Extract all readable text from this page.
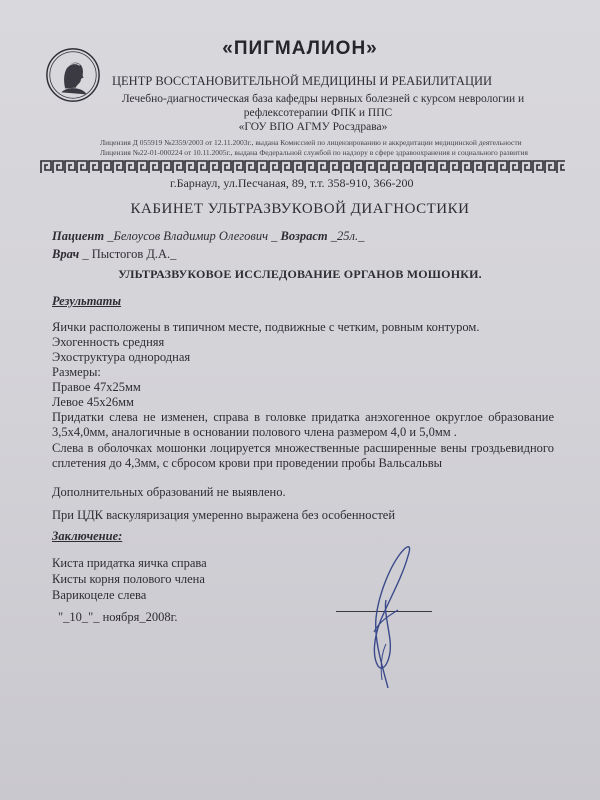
«ПИГМАЛИОН»
ЦЕНТР ВОССТАНОВИТЕЛЬНОЙ МЕДИЦИНЫ И РЕАБИЛИТАЦИИ
Лечебно-диагностическая база кафедры нервных болезней с курсом неврологии и
рефлексотерапии ФПК и ППС
«ГОУ ВПО АГМУ Росздрава»
Лицензия Д 055919 №2359/2003 от 12.11.2003г., выдана Комиссией по лицензированию и аккредитации медицинской деятельности
Лицензия №22-01-000224 от 10.11.2005г., выдана Федеральной службой по надзору в сфере здравоохранения и социального развития
г.Барнаул, ул.Песчаная, 89, т.т. 358-910, 366-200
КАБИНЕТ УЛЬТРАЗВУКОВОЙ ДИАГНОСТИКИ
Пациент _Белоусов Владимир Олегович _ Возраст _25л._
Врач _ Пыстогов Д.А._
УЛЬТРАЗВУКОВОЕ ИССЛЕДОВАНИЕ ОРГАНОВ МОШОНКИ.
Результаты
Яички расположены в типичном месте, подвижные с четким, ровным контуром.
Эхогенность средняя
Эхоструктура однородная
Размеры:
Правое 47х25мм
Левое 45х26мм
Придатки слева не изменен, справа в головке придатка анэхогенное округлое образование
3,5х4,0мм, аналогичные в основании полового члена размером 4,0 и 5,0мм .
Слева в оболочках мошонки лоцируется множественные расширенные вены гроздьевидного
сплетения до 4,3мм, с сбросом крови при проведении пробы Вальсальвы
Дополнительных образований не выявлено.
При ЦДК васкуляризация умеренно выражена без особенностей
Заключение:
Киста придатка яичка справа
Кисты корня полового члена
Варикоцеле слева
"_10_"_ ноября_2008г.
